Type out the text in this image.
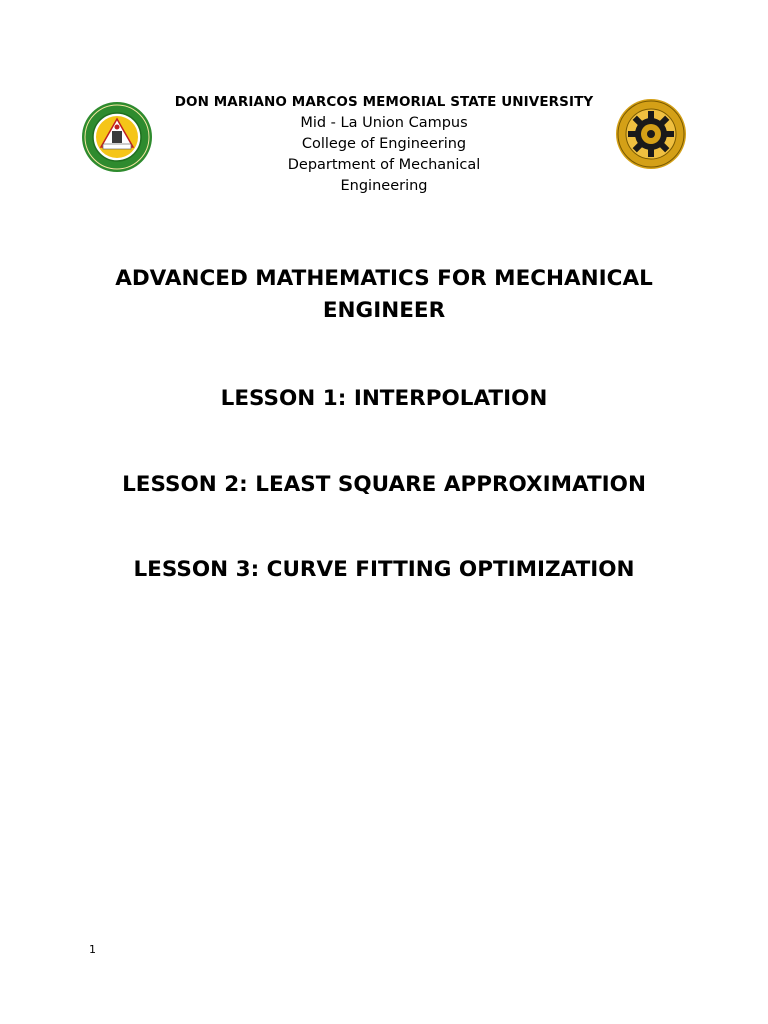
DON MARIANO MARCOS MEMORIAL STATE UNIVERSITY
Mid - La Union Campus
College of Engineering
Department of Mechanical Engineering
ADVANCED MATHEMATICS FOR MECHANICAL ENGINEER
LESSON 1: INTERPOLATION
LESSON 2: LEAST SQUARE APPROXIMATION
LESSON 3: CURVE FITTING OPTIMIZATION
1
